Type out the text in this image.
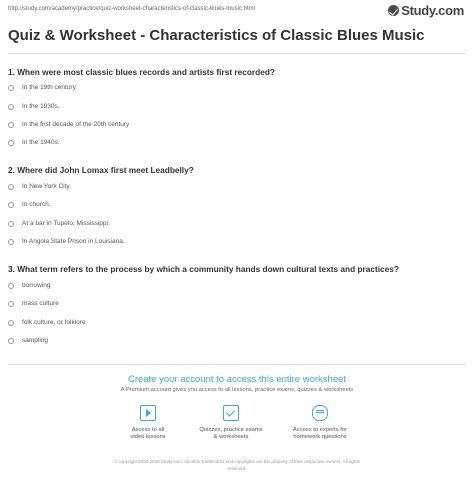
http://study.com/academy/practice/quiz-worksheet-characteristics-of-classic-blues-music.html	Study.com
Quiz & Worksheet - Characteristics of Classic Blues Music
1. When were most classic blues records and artists first recorded?
In the 19th century
In the 1930s.
In the first decade of the 20th century
In the 1940s.
2. Where did John Lomax first meet Leadbelly?
In New York City.
In church.
At a bar in Tupelo, Mississippi.
In Angola State Prison in Louisiana.
3. What term refers to the process by which a community hands down cultural texts and practices?
borrowing
mass culture
folk culture, or folklore
sampling
Create your account to access this entire worksheet
A Premium account gives you access to all lessons, practice exams, quizzes & worksheets
Access to all
video lessons
Quizzes, practice exams
& worksheets
Access to experts for
homework questions
© copyright 2003-2020 Study.com. All other trademarks and copyrights are the property of their respective owners. All rights
reserved.
